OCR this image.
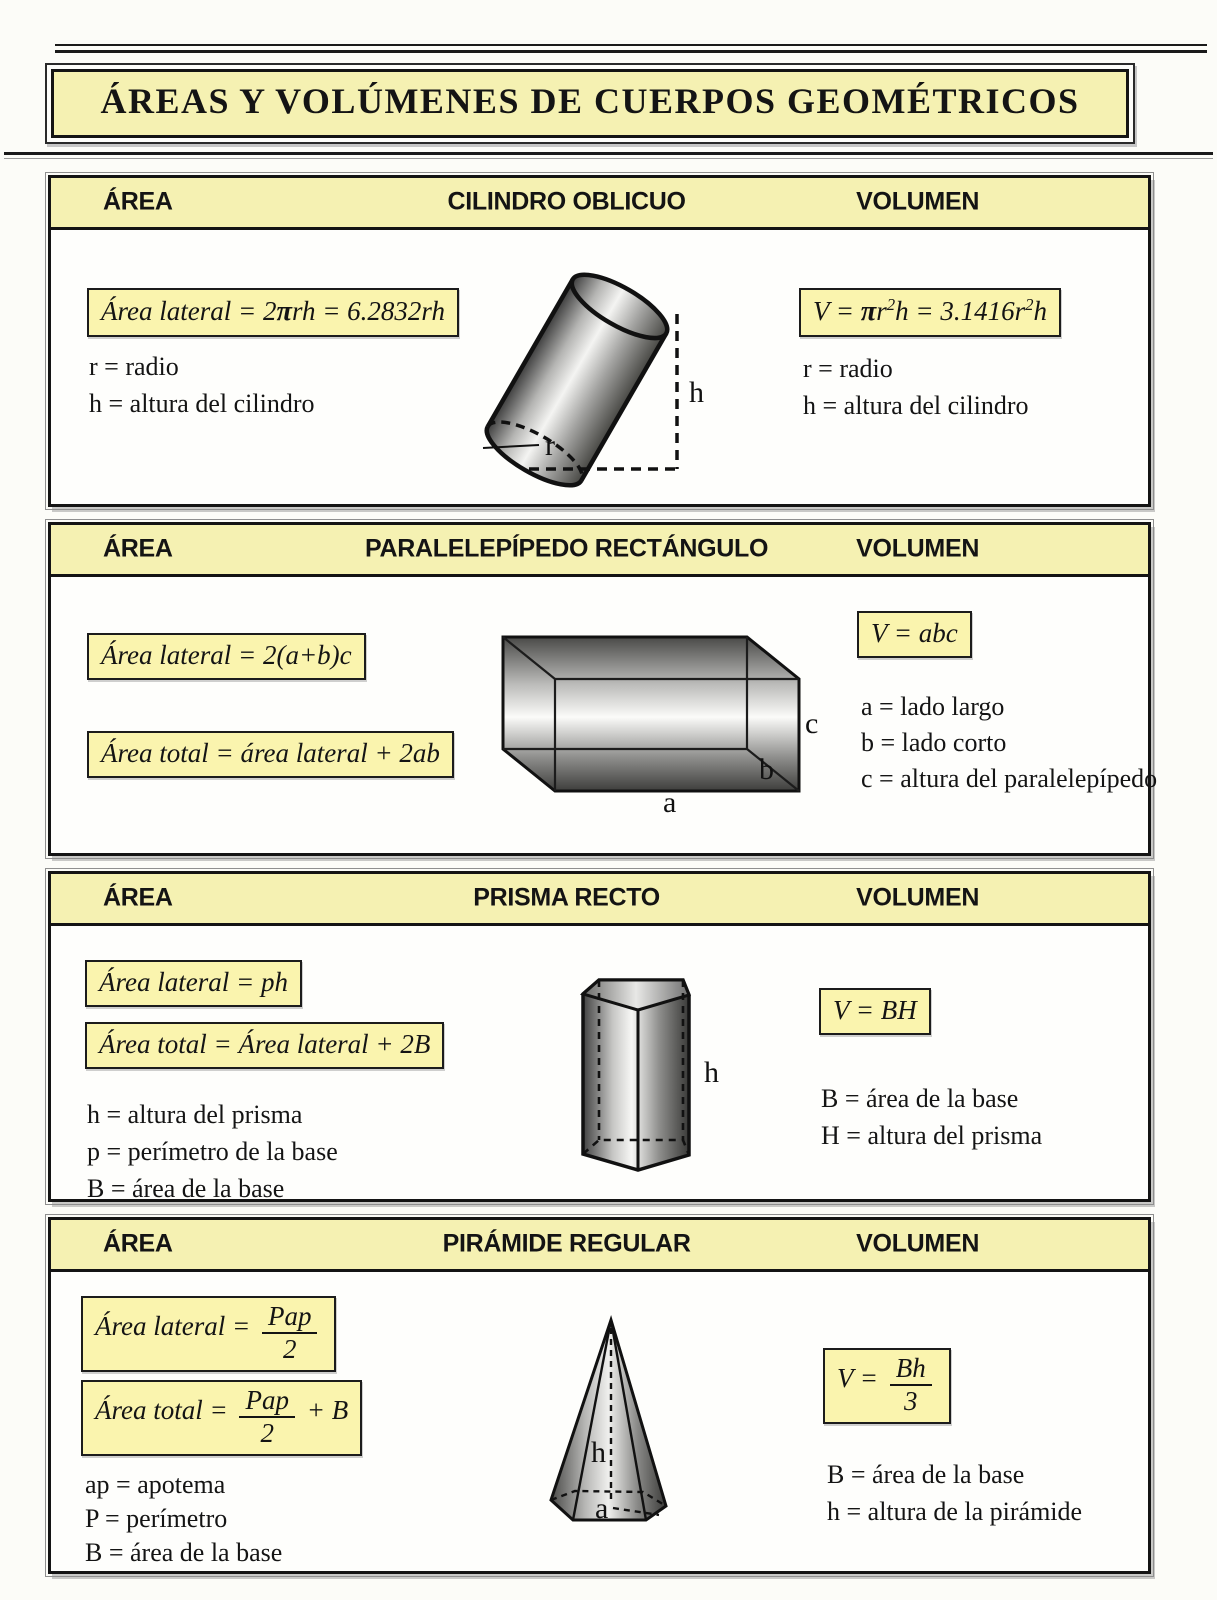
ÁREAS Y VOLÚMENES DE CUERPOS GEOMÉTRICOS
ÁREA	CILINDRO OBLICUO	VOLUMEN
Área lateral = 2πrh = 6.2832rh
r = radio
h = altura del cilindro
r
h
$V = \pi r^2h = 3.1416r^2h$
r = radio
h = altura del cilindro
ÁREA	PARALELEPÍPEDO RECTÁNGULO	VOLUMEN
Área lateral = 2(a+b)c
Área total = área lateral + 2ab
a
b
c
V = abc
a = lado largo
b = lado corto
c = altura del paralelepípedo
ÁREA	PRISMA RECTO	VOLUMEN
Área lateral = ph
Área total = Área lateral + 2B
h = altura del prisma
p = perímetro de la base
B = área de la base
h
V = BH
B = área de la base
H = altura del prisma
ÁREA	PIRÁMIDE REGULAR	VOLUMEN
Área lateral = $\frac{\text{Pap}}{2}$
Área total = $\frac{\text{Pap}}{2} + B$
ap = apotema
P = perímetro
B = área de la base
h
a
$V = \frac{Bh}{3}$
B = área de la base
h = altura de la pirámide
